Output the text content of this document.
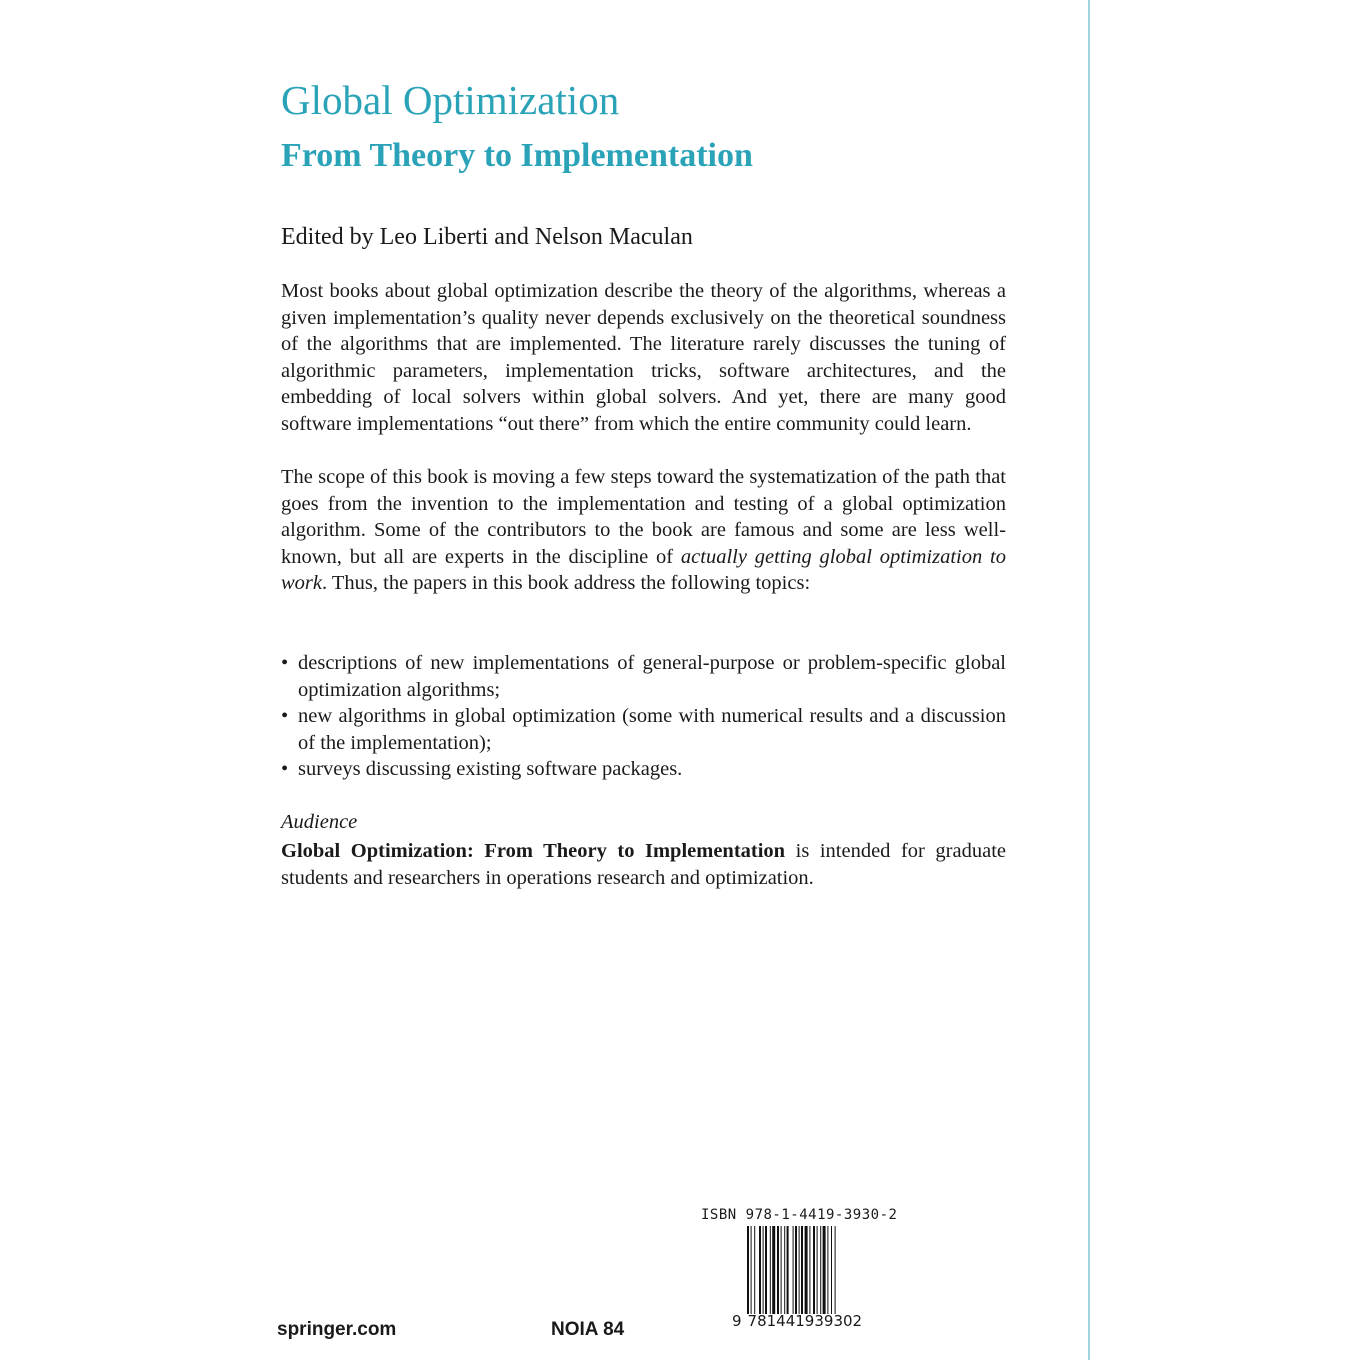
Global Optimization
From Theory to Implementation

Edited by Leo Liberti and Nelson Maculan

Most books about global optimization describe the theory of the algorithms, whereas a given implementation’s quality never depends exclusively on the theoretical soundness of the algorithms that are implemented. The literature rarely discusses the tuning of algorithmic parameters, implementation tricks, software architectures, and the embedding of local solvers within global solvers. And yet, there are many good software implementations “out there” from which the entire community could learn.

The scope of this book is moving a few steps toward the systematization of the path that goes from the invention to the implementation and testing of a global optimization algorithm. Some of the contributors to the book are famous and some are less well-known, but all are experts in the discipline of actually getting global optimization to work. Thus, the papers in this book address the following topics:

• descriptions of new implementations of general-purpose or problem-specific global optimization algorithms;
• new algorithms in global optimization (some with numerical results and a discussion of the implementation);
• surveys discussing existing software packages.

Audience

Global Optimization: From Theory to Implementation is intended for graduate students and researchers in operations research and optimization.

ISBN 978-1-4419-3930-2
9 781441939302
springer.com	NOIA 84
